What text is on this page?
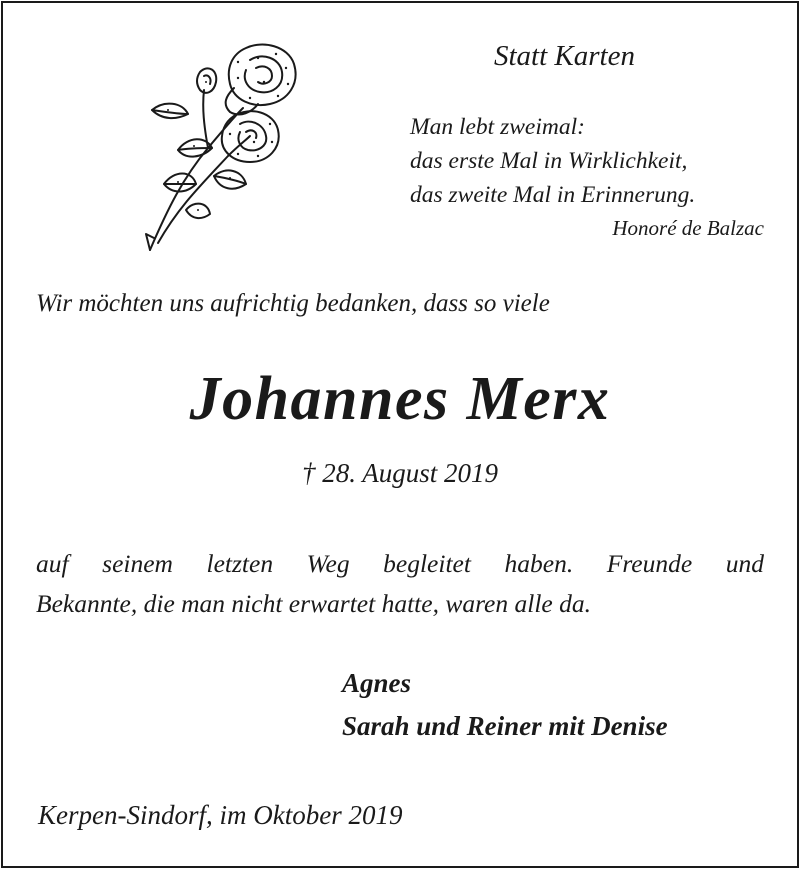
Statt Karten
Man lebt zweimal:
das erste Mal in Wirklichkeit,
das zweite Mal in Erinnerung.
Honoré de Balzac
Wir möchten uns aufrichtig bedanken, dass so viele
Johannes Merx
† 28. August 2019
auf seinem letzten Weg begleitet haben. Freunde und
Bekannte, die man nicht erwartet hatte, waren alle da.
Agnes
Sarah und Reiner mit Denise
Kerpen-Sindorf, im Oktober 2019
